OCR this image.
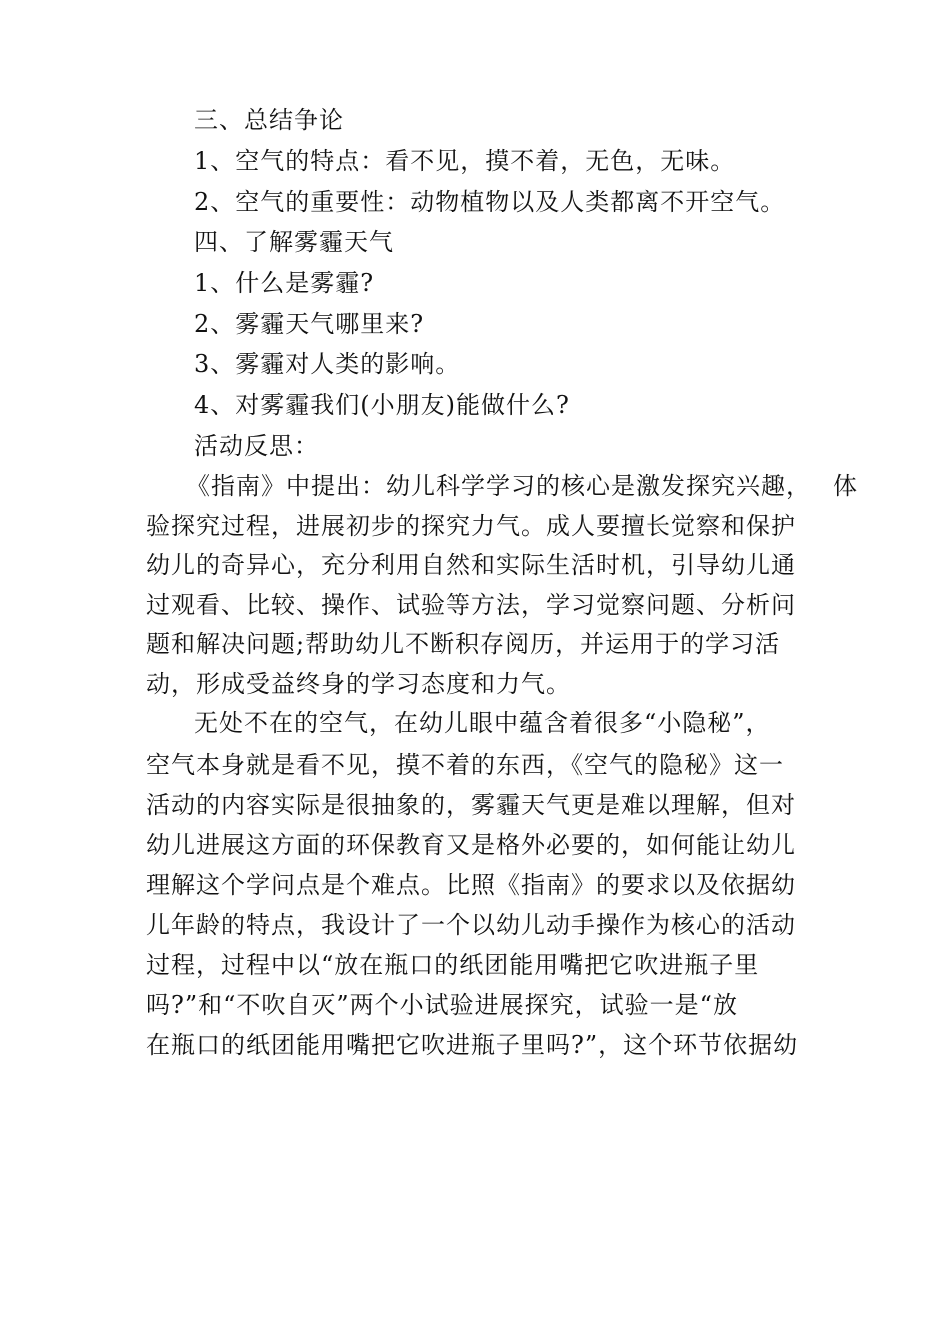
三、总结争论
1、空气的特点：看不见，摸不着，无色，无味。
2、空气的重要性：动物植物以及人类都离不开空气。
四、了解雾霾天气
1、什么是雾霾?
2、雾霾天气哪里来?
3、雾霾对人类的影响。
4、对雾霾我们(小朋友)能做什么?
活动反思：
《指南》中提出：幼儿科学学习的核心是激发探究兴趣， 体
验探究过程，进展初步的探究力气。成人要擅长觉察和保护
幼儿的奇异心，充分利用自然和实际生活时机，引导幼儿通
过观看、比较、操作、试验等方法，学习觉察问题、分析问
题和解决问题;帮助幼儿不断积存阅历，并运用于的学习活
动，形成受益终身的学习态度和力气。
无处不在的空气，在幼儿眼中蕴含着很多“小隐秘”，
空气本身就是看不见，摸不着的东西，《空气的隐秘》这一
活动的内容实际是很抽象的，雾霾天气更是难以理解，但对
幼儿进展这方面的环保教育又是格外必要的，如何能让幼儿
理解这个学问点是个难点。比照《指南》的要求以及依据幼
儿年龄的特点，我设计了一个以幼儿动手操作为核心的活动
过程，过程中以“放在瓶口的纸团能用嘴把它吹进瓶子里
吗?”和“不吹自灭”两个小试验进展探究，试验一是“放
在瓶口的纸团能用嘴把它吹进瓶子里吗?”，这个环节依据幼
